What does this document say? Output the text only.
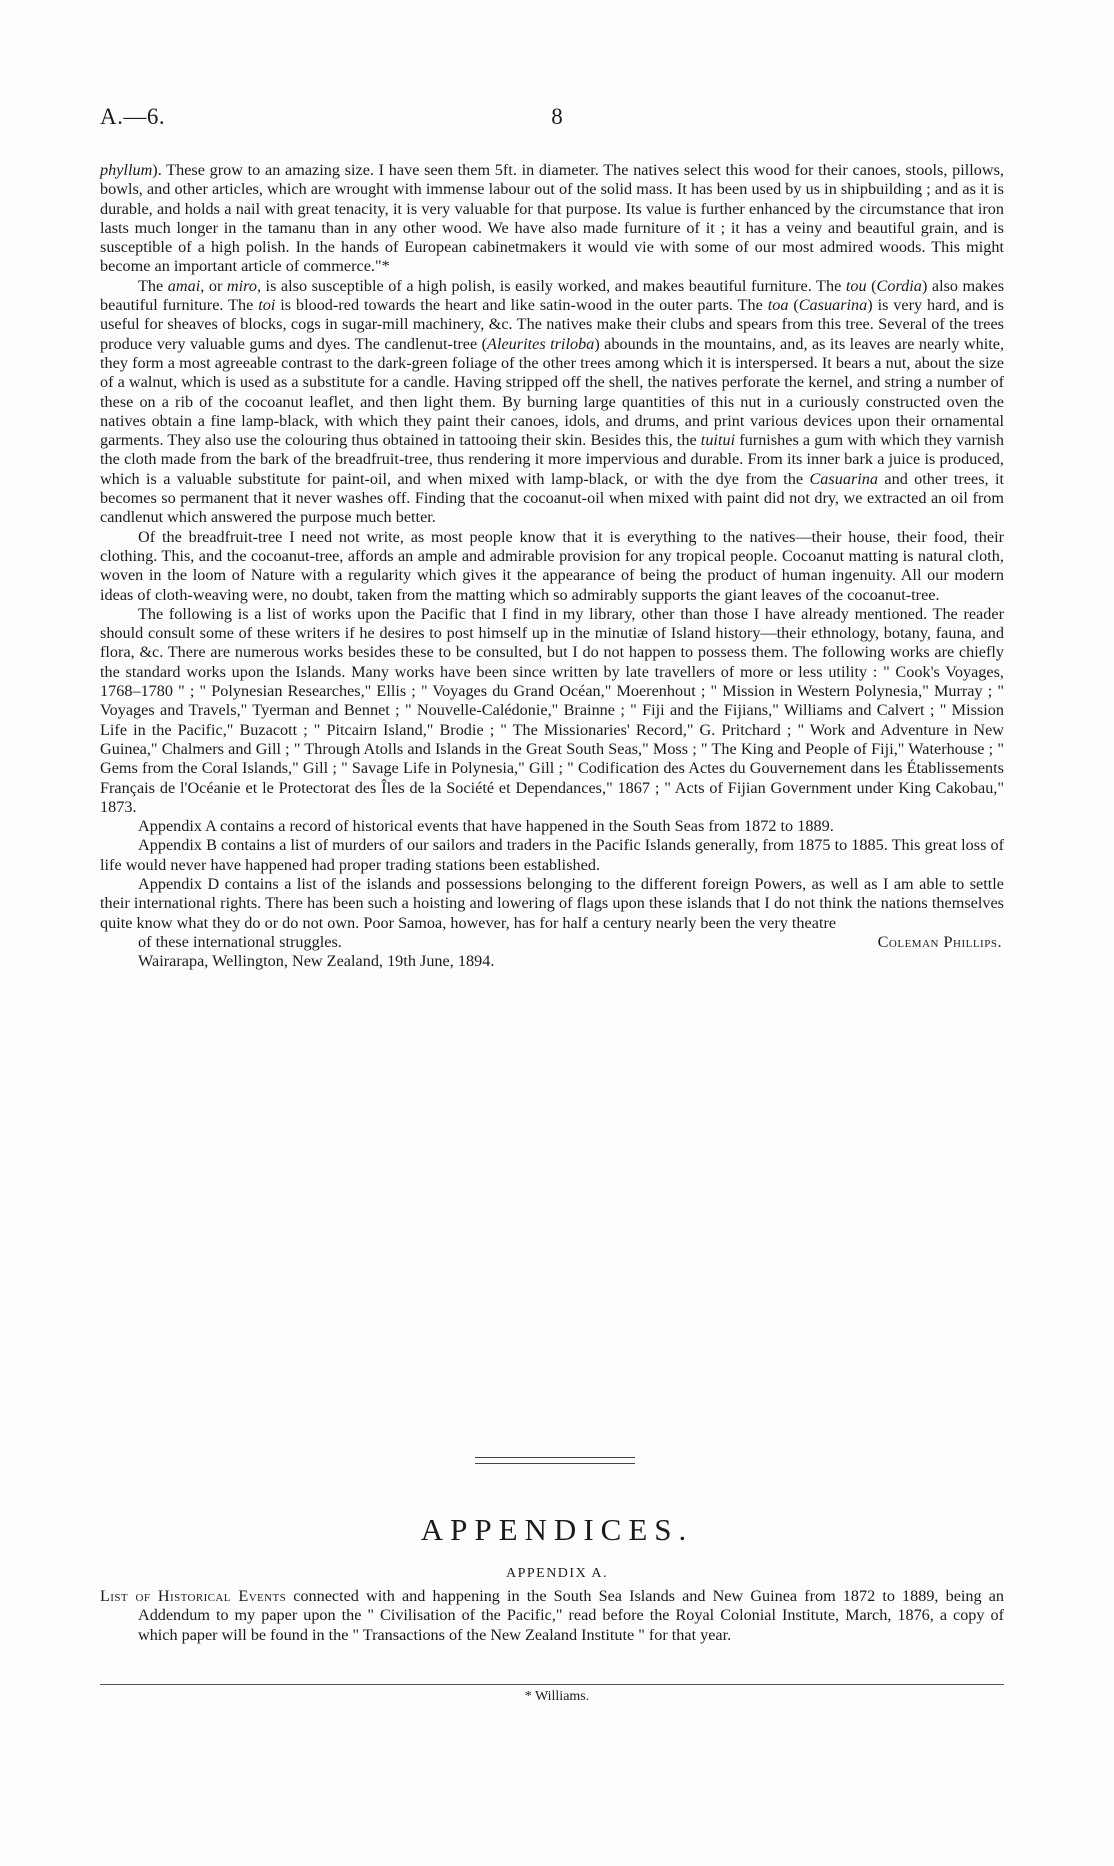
A.—6.	8

phyllum). These grow to an amazing size. I have seen them 5ft. in diameter. The natives select this wood for their canoes, stools, pillows, bowls, and other articles, which are wrought with immense labour out of the solid mass. It has been used by us in shipbuilding ; and as it is durable, and holds a nail with great tenacity, it is very valuable for that purpose. Its value is further enhanced by the circumstance that iron lasts much longer in the tamanu than in any other wood. We have also made furniture of it ; it has a veiny and beautiful grain, and is susceptible of a high polish. In the hands of European cabinetmakers it would vie with some of our most admired woods. This might become an important article of commerce."*

The amai, or miro, is also susceptible of a high polish, is easily worked, and makes beautiful furniture. The tou (Cordia) also makes beautiful furniture. The toi is blood-red towards the heart and like satin-wood in the outer parts. The toa (Casuarina) is very hard, and is useful for sheaves of blocks, cogs in sugar-mill machinery, &c. The natives make their clubs and spears from this tree. Several of the trees produce very valuable gums and dyes. The candlenut-tree (Aleurites triloba) abounds in the mountains, and, as its leaves are nearly white, they form a most agreeable contrast to the dark-green foliage of the other trees among which it is interspersed. It bears a nut, about the size of a walnut, which is used as a substitute for a candle. Having stripped off the shell, the natives perforate the kernel, and string a number of these on a rib of the cocoanut leaflet, and then light them. By burning large quantities of this nut in a curiously constructed oven the natives obtain a fine lamp-black, with which they paint their canoes, idols, and drums, and print various devices upon their ornamental garments. They also use the colouring thus obtained in tattooing their skin. Besides this, the tuitui furnishes a gum with which they varnish the cloth made from the bark of the breadfruit-tree, thus rendering it more impervious and durable. From its inner bark a juice is produced, which is a valuable substitute for paint-oil, and when mixed with lamp-black, or with the dye from the Casuarina and other trees, it becomes so permanent that it never washes off. Finding that the cocoanut-oil when mixed with paint did not dry, we extracted an oil from candlenut which answered the purpose much better.

Of the breadfruit-tree I need not write, as most people know that it is everything to the natives—their house, their food, their clothing. This, and the cocoanut-tree, affords an ample and admirable provision for any tropical people. Cocoanut matting is natural cloth, woven in the loom of Nature with a regularity which gives it the appearance of being the product of human ingenuity. All our modern ideas of cloth-weaving were, no doubt, taken from the matting which so admirably supports the giant leaves of the cocoanut-tree.

The following is a list of works upon the Pacific that I find in my library, other than those I have already mentioned. The reader should consult some of these writers if he desires to post himself up in the minutiæ of Island history—their ethnology, botany, fauna, and flora, &c. There are numerous works besides these to be consulted, but I do not happen to possess them. The following works are chiefly the standard works upon the Islands. Many works have been since written by late travellers of more or less utility : " Cook's Voyages, 1768–1780 " ; " Polynesian Researches," Ellis ; " Voyages du Grand Océan," Moerenhout ; " Mission in Western Polynesia," Murray ; " Voyages and Travels," Tyerman and Bennet ; " Nouvelle-Calédonie," Brainne ; " Fiji and the Fijians," Williams and Calvert ; " Mission Life in the Pacific," Buzacott ; " Pitcairn Island," Brodie ; " The Missionaries' Record," G. Pritchard ; " Work and Adventure in New Guinea," Chalmers and Gill ; " Through Atolls and Islands in the Great South Seas," Moss ; " The King and People of Fiji," Waterhouse ; " Gems from the Coral Islands," Gill ; " Savage Life in Polynesia," Gill ; " Codification des Actes du Gouvernement dans les Établissements Français de l'Océanie et le Protectorat des Îles de la Société et Dependances," 1867 ; " Acts of Fijian Government under King Cakobau," 1873.

Appendix A contains a record of historical events that have happened in the South Seas from 1872 to 1889.

Appendix B contains a list of murders of our sailors and traders in the Pacific Islands generally, from 1875 to 1885. This great loss of life would never have happened had proper trading stations been established.

Appendix D contains a list of the islands and possessions belonging to the different foreign Powers, as well as I am able to settle their international rights. There has been such a hoisting and lowering of flags upon these islands that I do not think the nations themselves quite know what they do or do not own. Poor Samoa, however, has for half a century nearly been the very theatre

of these international struggles.	Coleman Phillips.

Wairarapa, Wellington, New Zealand, 19th June, 1894.

APPENDICES.
APPENDIX A.

List of Historical Events connected with and happening in the South Sea Islands and New Guinea from 1872 to 1889, being an Addendum to my paper upon the " Civilisation of the Pacific," read before the Royal Colonial Institute, March, 1876, a copy of which paper will be found in the " Transactions of the New Zealand Institute " for that year.

* Williams.
